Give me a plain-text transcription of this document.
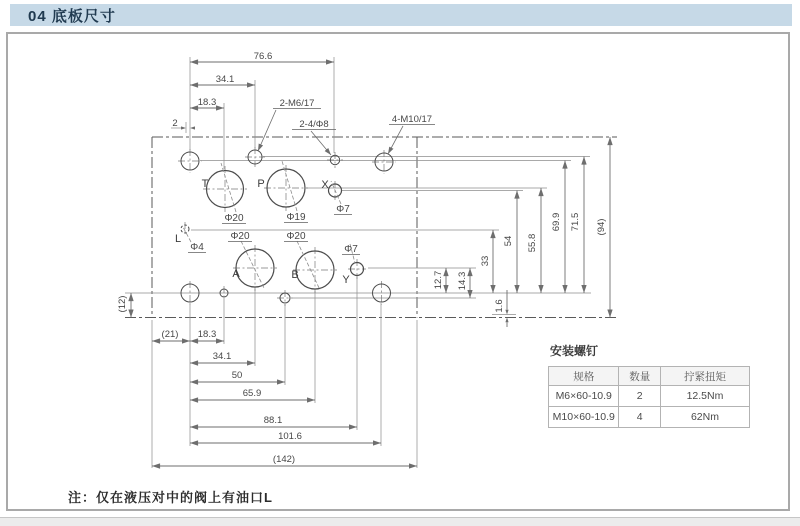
04 底板尺寸
2-M6/17
2-4/Φ8	4-M10/17
T	P	X
A	B	Y
L
Φ20	Φ19
Φ7
Φ20	Φ20
Φ7
Φ4
76.6
34.1
18.3
2
(21) 18.3
34.1
50
65.9
88.1
101.6
(142)
12.7 14.3
33
54 55.8
69.9 71.5 (94)
1.6
(12)
安装螺钉
规格	数量	拧紧扭矩
M6×60-10.9	2	12.5Nm
M10×60-10.9	4	62Nm
注：仅在液压对中的阀上有油口L
